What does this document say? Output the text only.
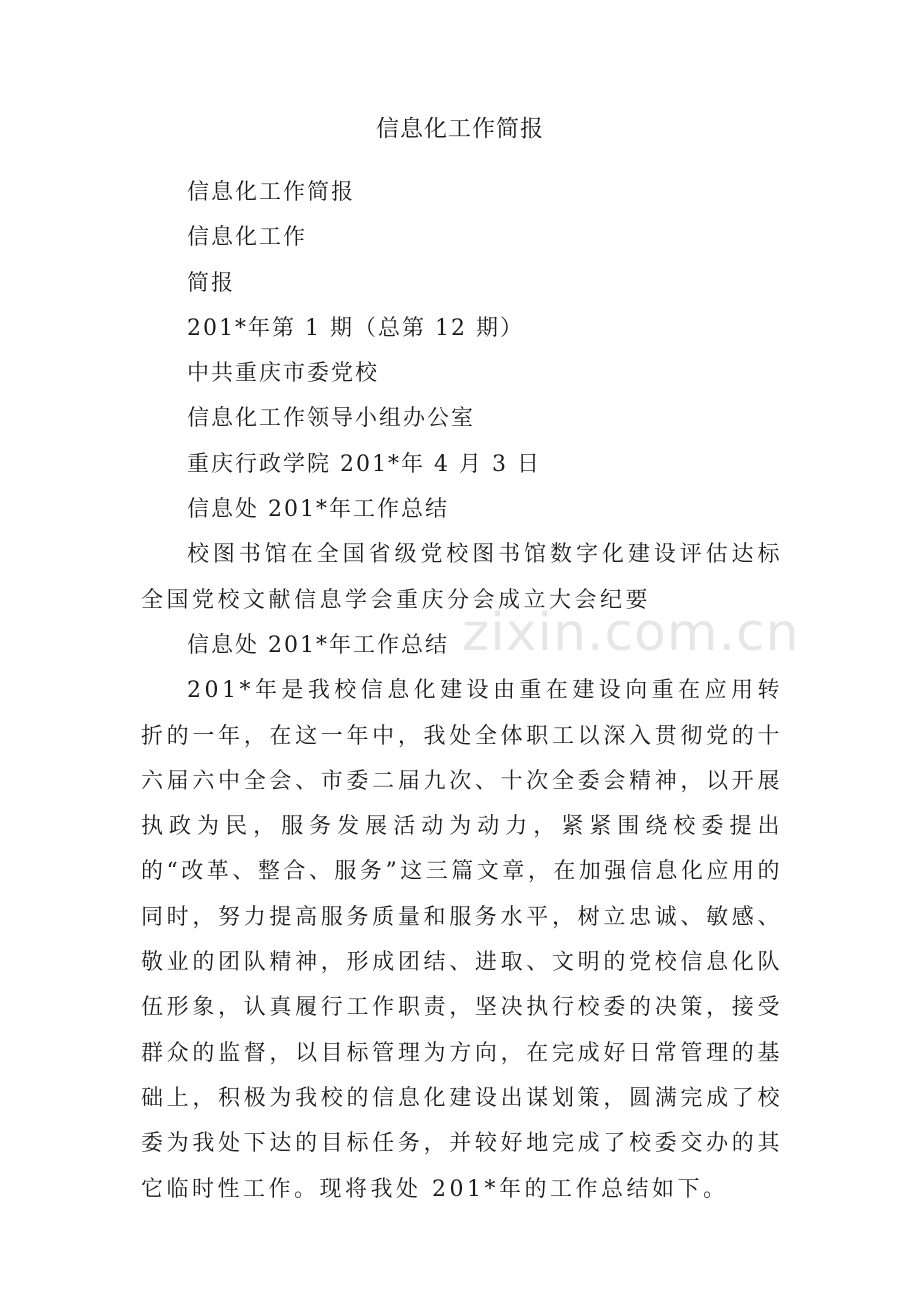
信息化工作简报
信息化工作简报
信息化工作
简报
201*年第 1 期（总第 12 期）
中共重庆市委党校
信息化工作领导小组办公室
重庆行政学院 201*年 4 月 3 日
信息处 201*年工作总结
校图书馆在全国省级党校图书馆数字化建设评估达标全国党校文献信息学会重庆分会成立大会纪要
信息处 201*年工作总结
201*年是我校信息化建设由重在建设向重在应用转折的一年，在这一年中，我处全体职工以深入贯彻党的十六届六中全会、市委二届九次、十次全委会精神，以开展执政为民，服务发展活动为动力，紧紧围绕校委提出的“改革、整合、服务”这三篇文章，在加强信息化应用的同时，努力提高服务质量和服务水平，树立忠诚、敏感、敬业的团队精神，形成团结、进取、文明的党校信息化队伍形象，认真履行工作职责，坚决执行校委的决策，接受群众的监督，以目标管理为方向，在完成好日常管理的基础上，积极为我校的信息化建设出谋划策，圆满完成了校委为我处下达的目标任务，并较好地完成了校委交办的其它临时性工作。现将我处 201*年的工作总结如下。
zixin.com.cn
